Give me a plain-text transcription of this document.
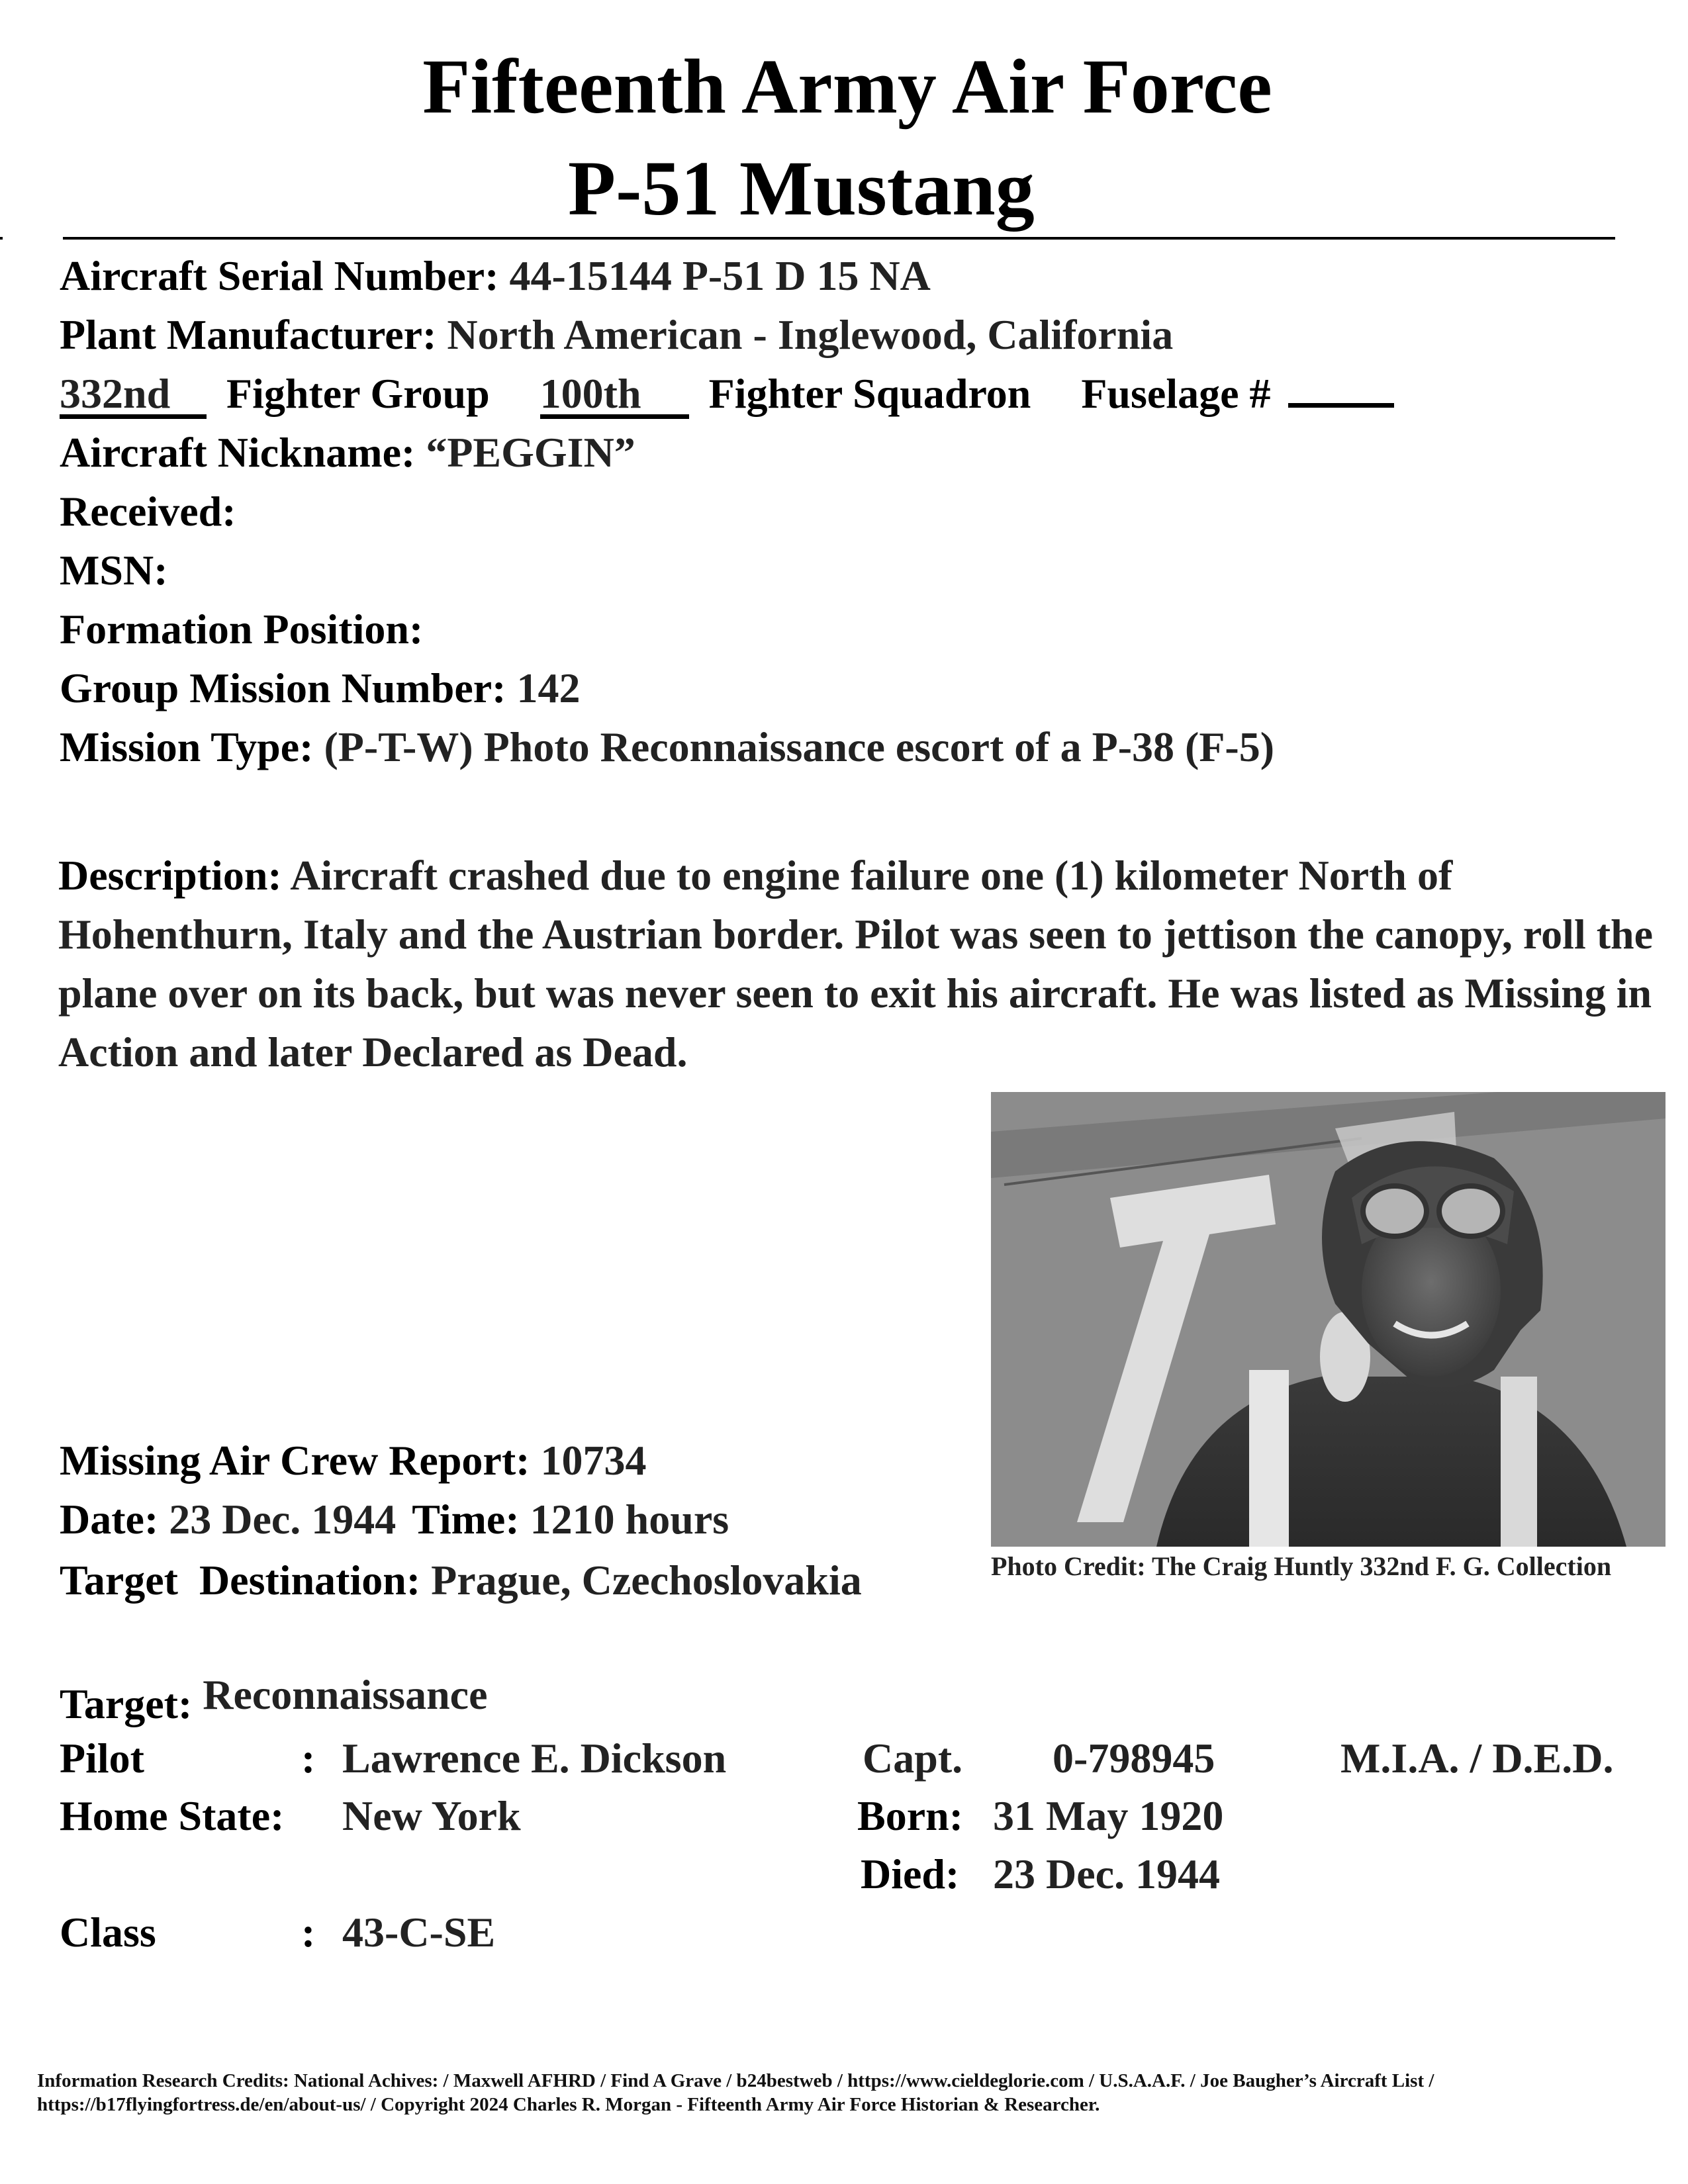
Fifteenth Army Air Force
P-51 Mustang
Aircraft Serial Number: 44-15144 P-51 D 15 NA
Plant Manufacturer: North American - Inglewood, California
332nd Fighter Group 100th Fighter Squadron Fuselage #
Aircraft Nickname: “PEGGIN”
Received:
MSN:
Formation Position:
Group Mission Number: 142
Mission Type: (P-T-W) Photo Reconnaissance escort of a P-38 (F-5)
Description: Aircraft crashed due to engine failure one (1) kilometer North of Hohenthurn, Italy and the Austrian border. Pilot was seen to jettison the canopy, roll the plane over on its back, but was never seen to exit his aircraft. He was listed as Missing in Action and later Declared as Dead.
Photo Credit: The Craig Huntly 332nd F. G. Collection
Missing Air Crew Report: 10734
Date: 23 Dec. 1944 Time: 1210 hours
Target  Destination: Prague, Czechoslovakia
Target: Reconnaissance
Pilot	: Lawrence E. Dickson	Capt. 0-798945	M.I.A. / D.E.D.
Home State: New York	Born: 31 May 1920
Died: 23 Dec. 1944
Class	: 43-C-SE
Information Research Credits: National Achives: / Maxwell AFHRD / Find A Grave / b24bestweb / https://www.cieldeglorie.com / U.S.A.A.F. / Joe Baugher’s Aircraft List /
https://b17flyingfortress.de/en/about-us/ / Copyright 2024 Charles R. Morgan - Fifteenth Army Air Force Historian & Researcher.
